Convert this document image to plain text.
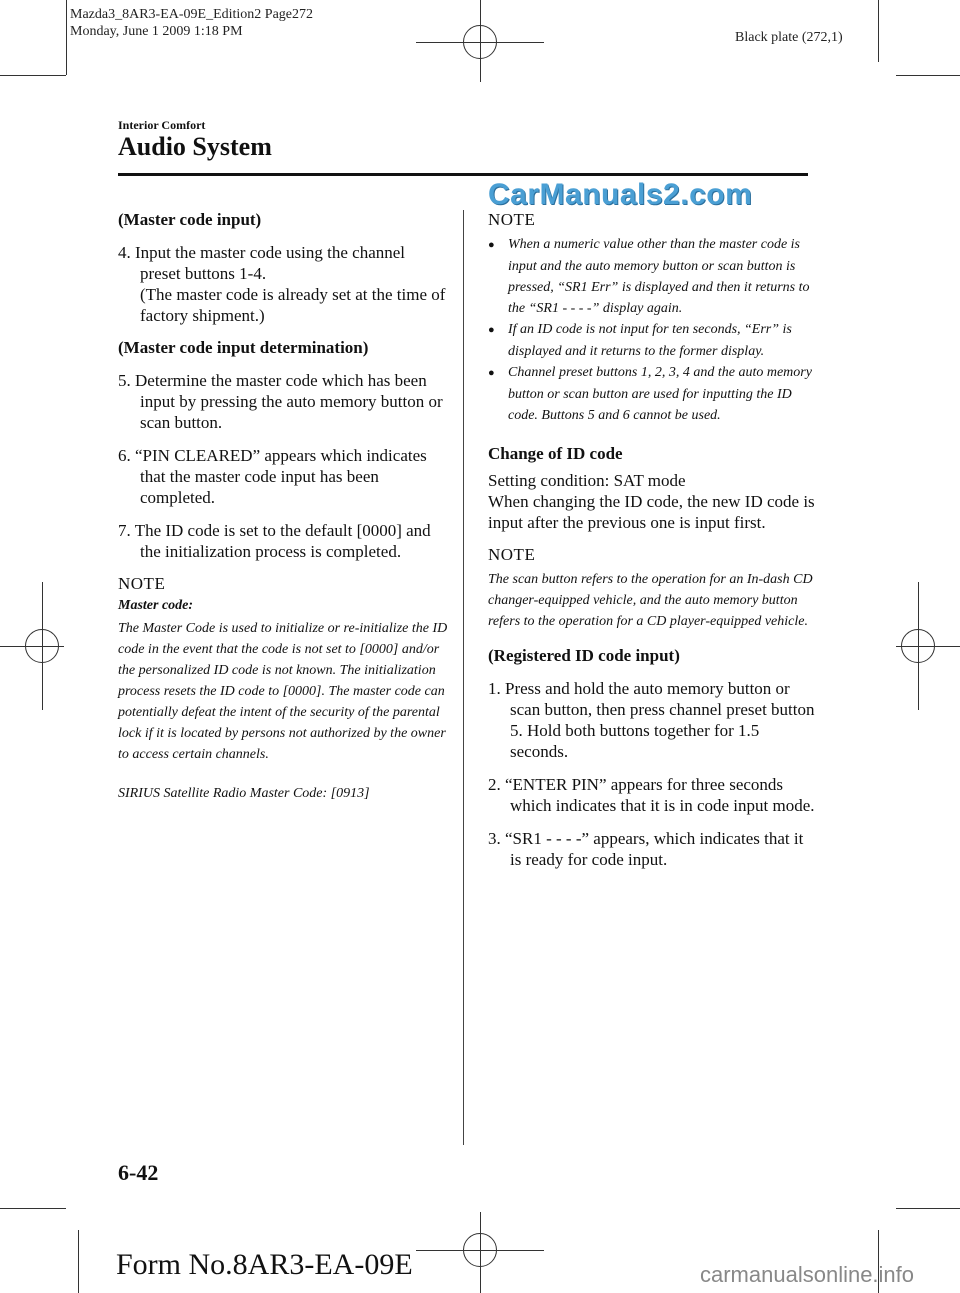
Mazda3_8AR3-EA-09E_Edition2 Page272
Monday, June 1 2009 1:18 PM	Black plate (272,1)
Interior Comfort
Audio System
CarManuals2.com

(Master code input)

4. Input the master code using the channel preset buttons 1-4.

(The master code is already set at the time of factory shipment.)

(Master code input determination)

5. Determine the master code which has been input by pressing the auto memory button or scan button.

6. “PIN CLEARED” appears which indicates that the master code input has been completed.

7. The ID code is set to the default [0000] and the initialization process is completed.

NOTE

Master code:

The Master Code is used to initialize or re-initialize the ID code in the event that the code is not set to [0000] and/or the personalized ID code is not known. The initialization process resets the ID code to [0000]. The master code can potentially defeat the intent of the security of the parental lock if it is located by persons not authorized by the owner to access certain channels.

SIRIUS Satellite Radio Master Code: [0913]

NOTE

● When a numeric value other than the master code is input and the auto memory button or scan button is pressed, “SR1 Err” is displayed and then it returns to the “SR1 - - - -” display again.

● If an ID code is not input for ten seconds, “Err” is displayed and it returns to the former display.

● Channel preset buttons 1, 2, 3, 4 and the auto memory button or scan button are used for inputting the ID code. Buttons 5 and 6 cannot be used.

Change of ID code

Setting condition: SAT mode

When changing the ID code, the new ID code is input after the previous one is input first.

NOTE

The scan button refers to the operation for an In-dash CD changer-equipped vehicle, and the auto memory button refers to the operation for a CD player-equipped vehicle.

(Registered ID code input)

1. Press and hold the auto memory button or scan button, then press channel preset button 5. Hold both buttons together for 1.5 seconds.

2. “ENTER PIN” appears for three seconds which indicates that it is in code input mode.

3. “SR1 - - - -” appears, which indicates that it is ready for code input.

6-42
Form No.8AR3-EA-09E	carmanualsonline.info
